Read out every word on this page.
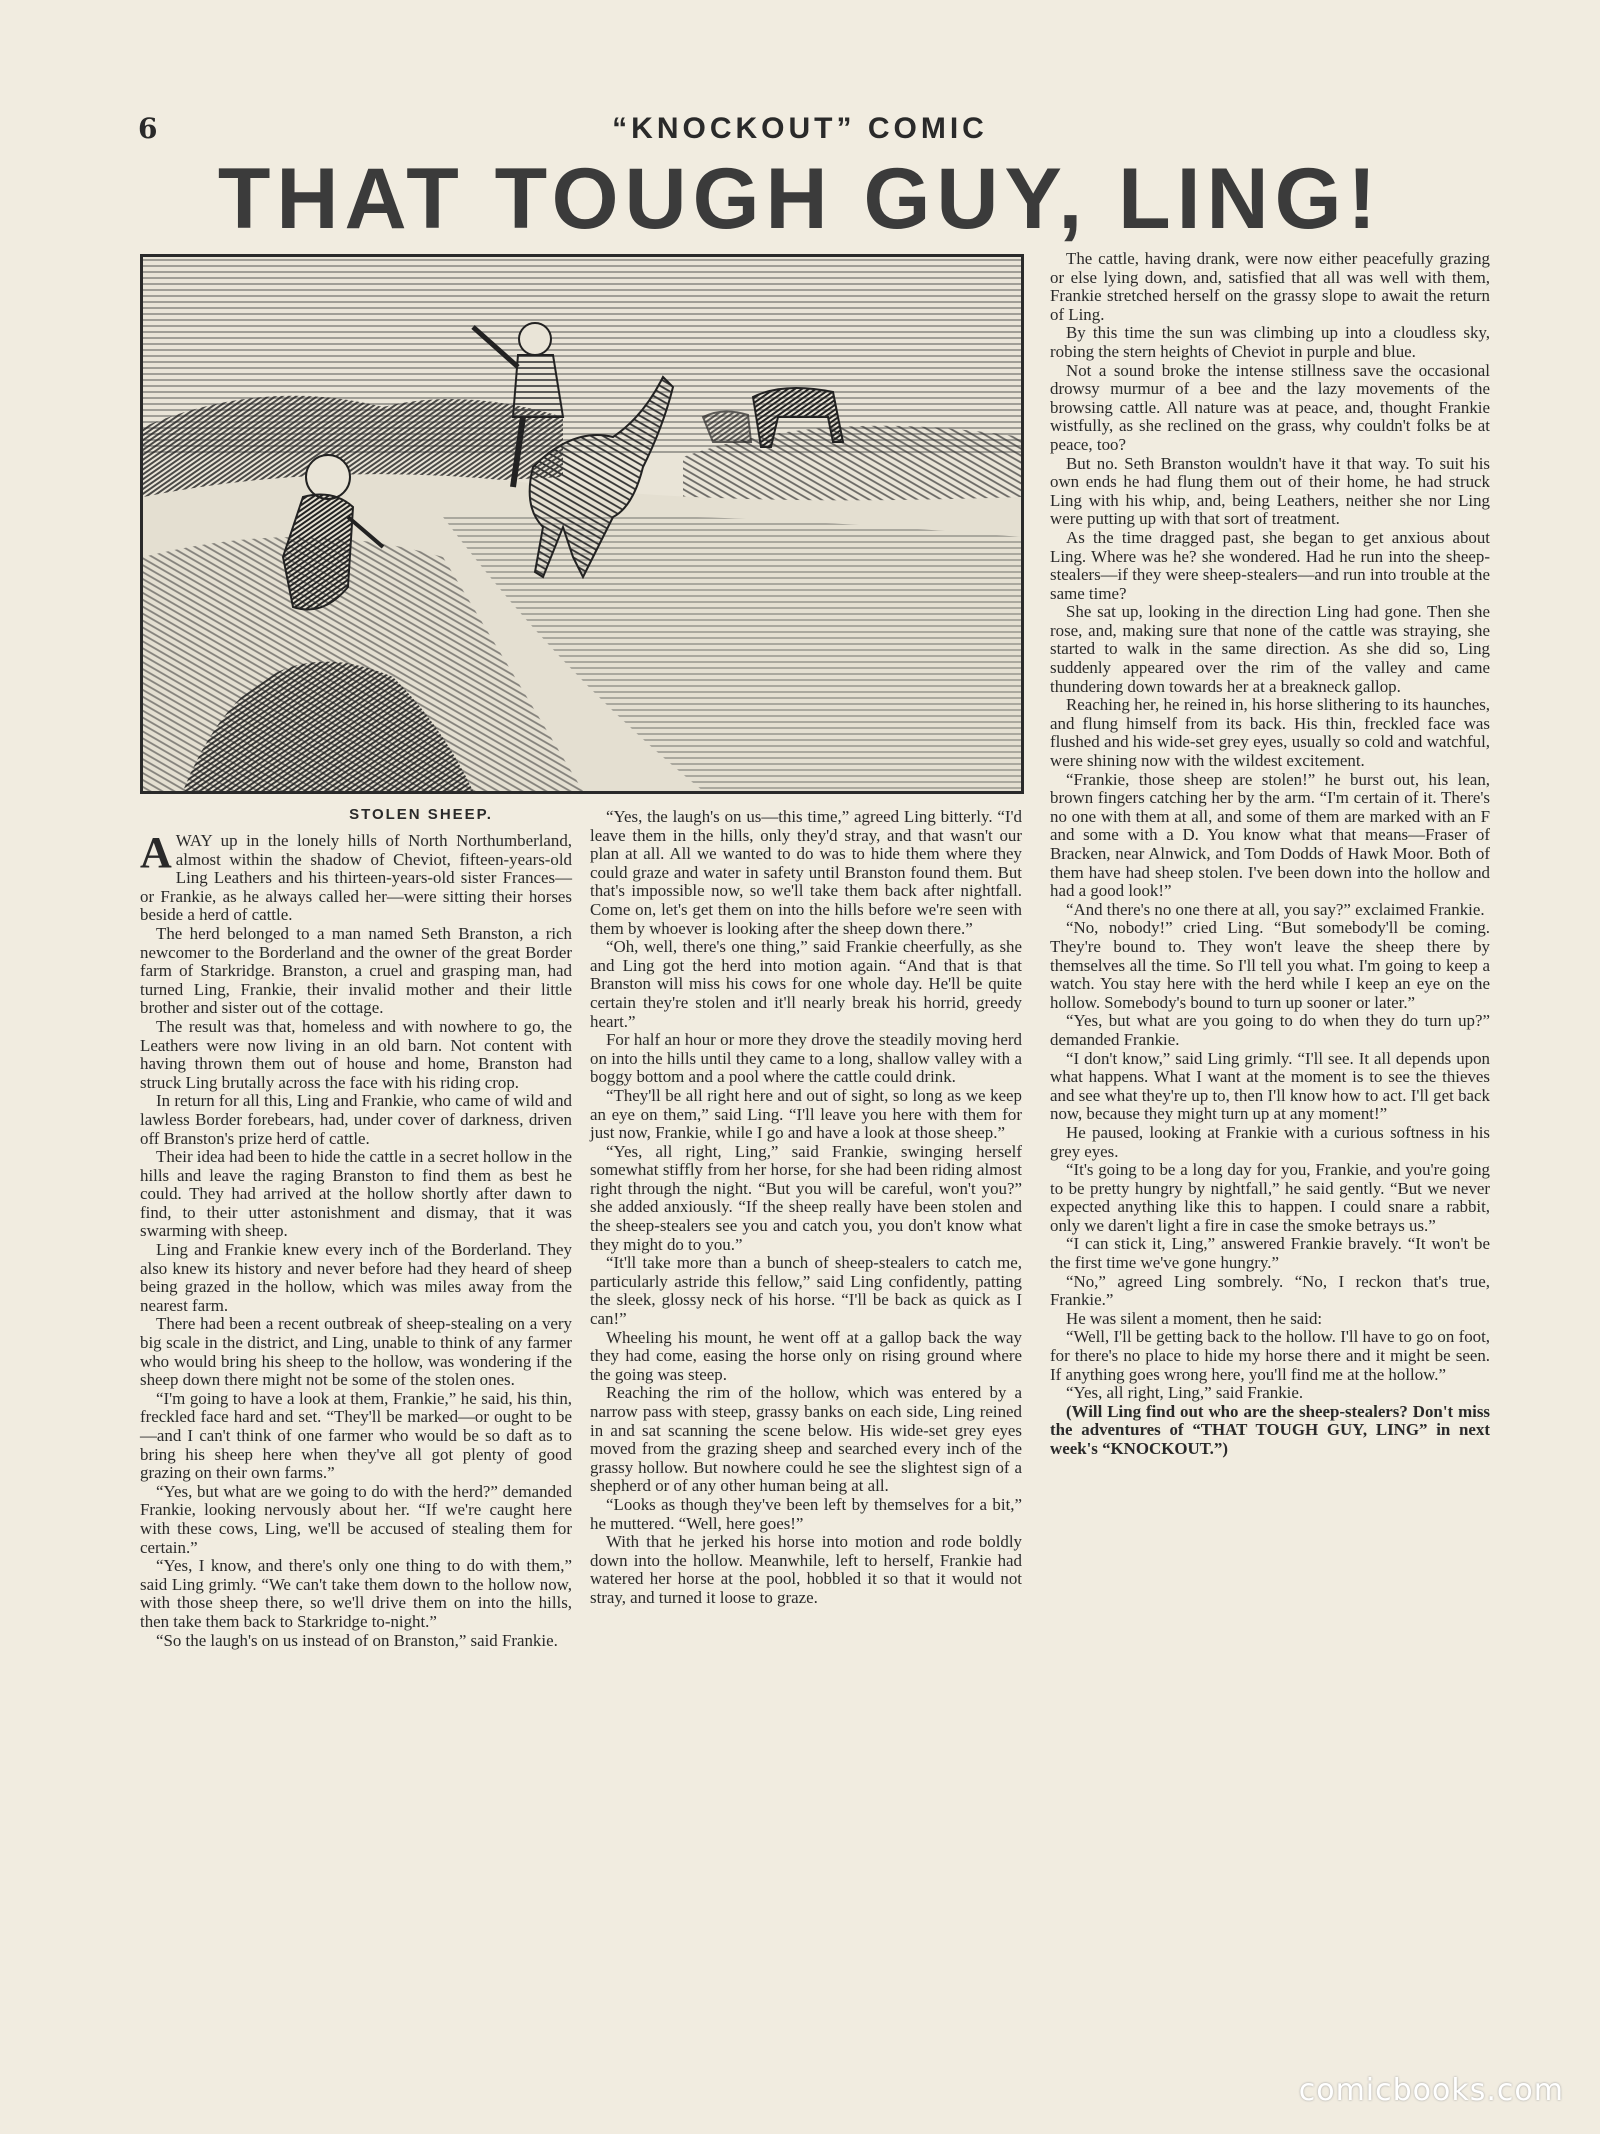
6	“KNOCKOUT” COMIC
THAT TOUGH GUY, LING!
STOLEN SHEEP.

AWAY up in the lonely hills of North Northumberland, almost within the shadow of Cheviot, fifteen-years-old Ling Leathers and his thirteen-years-old sister Frances—or Frankie, as he always called her—were sitting their horses beside a herd of cattle.

The herd belonged to a man named Seth Branston, a rich newcomer to the Borderland and the owner of the great Border farm of Starkridge. Branston, a cruel and grasping man, had turned Ling, Frankie, their invalid mother and their little brother and sister out of the cottage.

The result was that, homeless and with nowhere to go, the Leathers were now living in an old barn. Not content with having thrown them out of house and home, Branston had struck Ling brutally across the face with his riding crop.

In return for all this, Ling and Frankie, who came of wild and lawless Border forebears, had, under cover of darkness, driven off Branston's prize herd of cattle.

Their idea had been to hide the cattle in a secret hollow in the hills and leave the raging Branston to find them as best he could. They had arrived at the hollow shortly after dawn to find, to their utter astonishment and dismay, that it was swarming with sheep.

Ling and Frankie knew every inch of the Borderland. They also knew its history and never before had they heard of sheep being grazed in the hollow, which was miles away from the nearest farm.

There had been a recent outbreak of sheep-stealing on a very big scale in the district, and Ling, unable to think of any farmer who would bring his sheep to the hollow, was wondering if the sheep down there might not be some of the stolen ones.

“I'm going to have a look at them, Frankie,” he said, his thin, freckled face hard and set. “They'll be marked—or ought to be—and I can't think of one farmer who would be so daft as to bring his sheep here when they've all got plenty of good grazing on their own farms.”

“Yes, but what are we going to do with the herd?” demanded Frankie, looking nervously about her. “If we're caught here with these cows, Ling, we'll be accused of stealing them for certain.”

“Yes, I know, and there's only one thing to do with them,” said Ling grimly. “We can't take them down to the hollow now, with those sheep there, so we'll drive them on into the hills, then take them back to Starkridge to-night.”

“So the laugh's on us instead of on Branston,” said Frankie.

“Yes, the laugh's on us—this time,” agreed Ling bitterly. “I'd leave them in the hills, only they'd stray, and that wasn't our plan at all. All we wanted to do was to hide them where they could graze and water in safety until Branston found them. But that's impossible now, so we'll take them back after nightfall. Come on, let's get them on into the hills before we're seen with them by whoever is looking after the sheep down there.”

“Oh, well, there's one thing,” said Frankie cheerfully, as she and Ling got the herd into motion again. “And that is that Branston will miss his cows for one whole day. He'll be quite certain they're stolen and it'll nearly break his horrid, greedy heart.”

For half an hour or more they drove the steadily moving herd on into the hills until they came to a long, shallow valley with a boggy bottom and a pool where the cattle could drink.

“They'll be all right here and out of sight, so long as we keep an eye on them,” said Ling. “I'll leave you here with them for just now, Frankie, while I go and have a look at those sheep.”

“Yes, all right, Ling,” said Frankie, swinging herself somewhat stiffly from her horse, for she had been riding almost right through the night. “But you will be careful, won't you?” she added anxiously. “If the sheep really have been stolen and the sheep-stealers see you and catch you, you don't know what they might do to you.”

“It'll take more than a bunch of sheep-stealers to catch me, particularly astride this fellow,” said Ling confidently, patting the sleek, glossy neck of his horse. “I'll be back as quick as I can!”

Wheeling his mount, he went off at a gallop back the way they had come, easing the horse only on rising ground where the going was steep.

Reaching the rim of the hollow, which was entered by a narrow pass with steep, grassy banks on each side, Ling reined in and sat scanning the scene below. His wide-set grey eyes moved from the grazing sheep and searched every inch of the grassy hollow. But nowhere could he see the slightest sign of a shepherd or of any other human being at all.

“Looks as though they've been left by themselves for a bit,” he muttered. “Well, here goes!”

With that he jerked his horse into motion and rode boldly down into the hollow. Meanwhile, left to herself, Frankie had watered her horse at the pool, hobbled it so that it would not stray, and turned it loose to graze.

The cattle, having drank, were now either peacefully grazing or else lying down, and, satisfied that all was well with them, Frankie stretched herself on the grassy slope to await the return of Ling.

By this time the sun was climbing up into a cloudless sky, robing the stern heights of Cheviot in purple and blue.

Not a sound broke the intense stillness save the occasional drowsy murmur of a bee and the lazy movements of the browsing cattle. All nature was at peace, and, thought Frankie wistfully, as she reclined on the grass, why couldn't folks be at peace, too?

But no. Seth Branston wouldn't have it that way. To suit his own ends he had flung them out of their home, he had struck Ling with his whip, and, being Leathers, neither she nor Ling were putting up with that sort of treatment.

As the time dragged past, she began to get anxious about Ling. Where was he? she wondered. Had he run into the sheep-stealers—if they were sheep-stealers—and run into trouble at the same time?

She sat up, looking in the direction Ling had gone. Then she rose, and, making sure that none of the cattle was straying, she started to walk in the same direction. As she did so, Ling suddenly appeared over the rim of the valley and came thundering down towards her at a breakneck gallop.

Reaching her, he reined in, his horse slithering to its haunches, and flung himself from its back. His thin, freckled face was flushed and his wide-set grey eyes, usually so cold and watchful, were shining now with the wildest excitement.

“Frankie, those sheep are stolen!” he burst out, his lean, brown fingers catching her by the arm. “I'm certain of it. There's no one with them at all, and some of them are marked with an F and some with a D. You know what that means—Fraser of Bracken, near Alnwick, and Tom Dodds of Hawk Moor. Both of them have had sheep stolen. I've been down into the hollow and had a good look!”

“And there's no one there at all, you say?” exclaimed Frankie.

“No, nobody!” cried Ling. “But somebody'll be coming. They're bound to. They won't leave the sheep there by themselves all the time. So I'll tell you what. I'm going to keep a watch. You stay here with the herd while I keep an eye on the hollow. Somebody's bound to turn up sooner or later.”

“Yes, but what are you going to do when they do turn up?” demanded Frankie.

“I don't know,” said Ling grimly. “I'll see. It all depends upon what happens. What I want at the moment is to see the thieves and see what they're up to, then I'll know how to act. I'll get back now, because they might turn up at any moment!”

He paused, looking at Frankie with a curious softness in his grey eyes.

“It's going to be a long day for you, Frankie, and you're going to be pretty hungry by nightfall,” he said gently. “But we never expected anything like this to happen. I could snare a rabbit, only we daren't light a fire in case the smoke betrays us.”

“I can stick it, Ling,” answered Frankie bravely. “It won't be the first time we've gone hungry.”

“No,” agreed Ling sombrely. “No, I reckon that's true, Frankie.”

He was silent a moment, then he said:

“Well, I'll be getting back to the hollow. I'll have to go on foot, for there's no place to hide my horse there and it might be seen. If anything goes wrong here, you'll find me at the hollow.”

“Yes, all right, Ling,” said Frankie.

(Will Ling find out who are the sheep-stealers? Don't miss the adventures of “THAT TOUGH GUY, LING” in next week's “KNOCKOUT.”)

comicbooks.com
